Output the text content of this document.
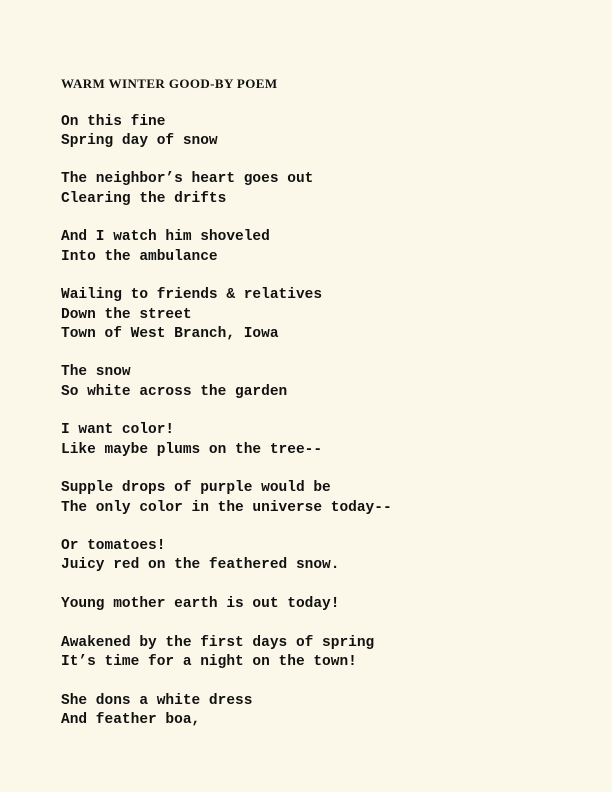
WARM WINTER GOOD-BY POEM
On this fine
Spring day of snow
The neighbor’s heart goes out
Clearing the drifts
And I watch him shoveled
Into the ambulance
Wailing to friends & relatives
Down the street
Town of West Branch, Iowa
The snow
So white across the garden
I want color!
Like maybe plums on the tree--
Supple drops of purple would be
The only color in the universe today--
Or tomatoes!
Juicy red on the feathered snow.
Young mother earth is out today!
Awakened by the first days of spring
It’s time for a night on the town!
She dons a white dress
And feather boa,
